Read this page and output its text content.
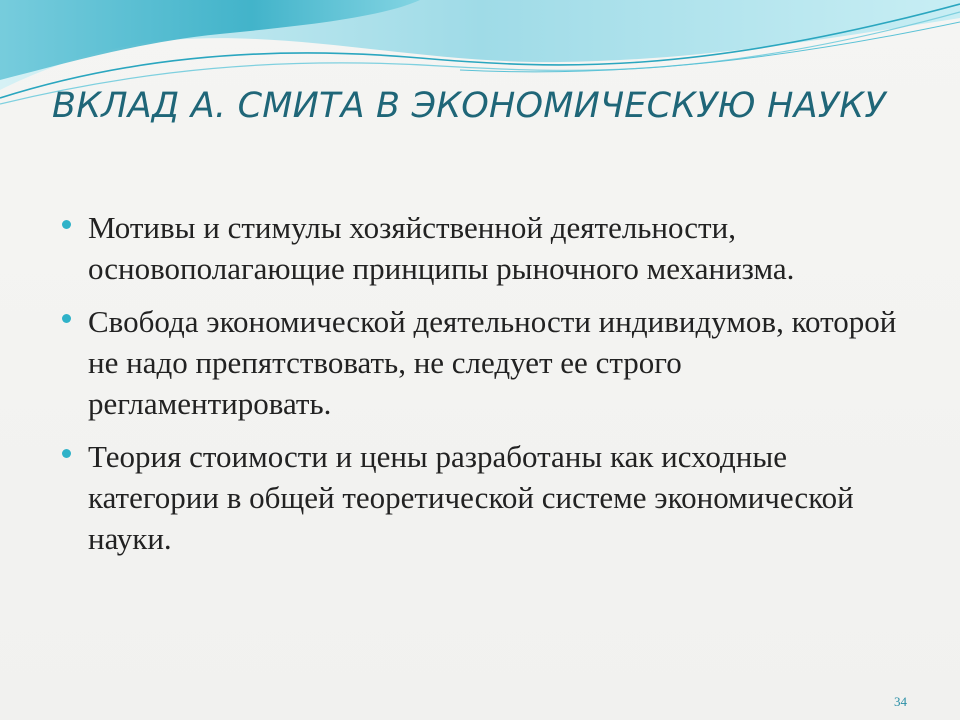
ВКЛАД А. СМИТА В ЭКОНОМИЧЕСКУЮ НАУКУ
Мотивы и стимулы хозяйственной деятельности, основополагающие принципы рыночного механизма.
Свобода экономической деятельности индивидумов, которой не надо препятствовать, не следует ее строго регламентировать.
Теория стоимости и цены разработаны как исходные категории в общей теоретической системе экономической науки.
34
